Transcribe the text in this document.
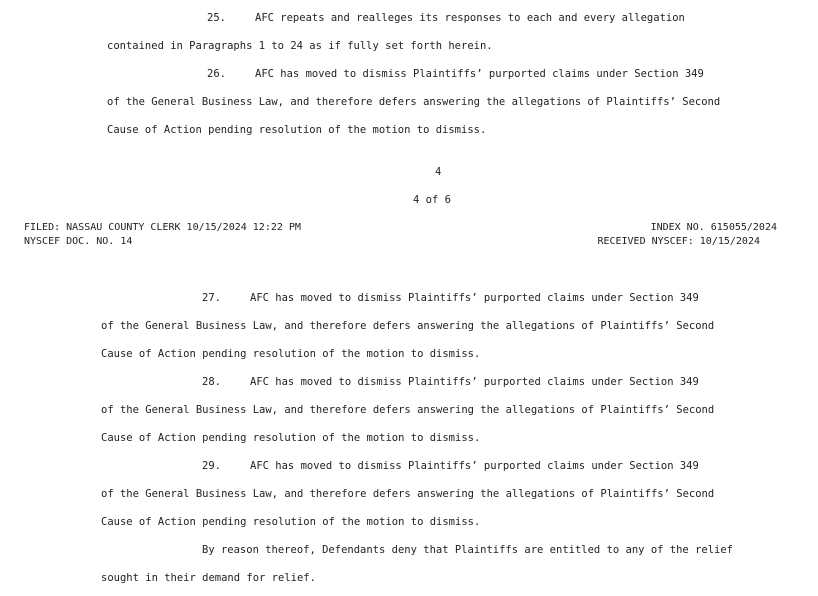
25.	AFC repeats and realleges its responses to each and every allegation
contained in Paragraphs 1 to 24 as if fully set forth herein.
26.	AFC has moved to dismiss Plaintiffs’ purported claims under Section 349
of the General Business Law, and therefore defers answering the allegations of Plaintiffs’ Second
Cause of Action pending resolution of the motion to dismiss.
4
4 of 6
FILED: NASSAU COUNTY CLERK 10/15/2024 12:22 PM
NYSCEF DOC. NO. 14
INDEX NO. 615055/2024
RECEIVED NYSCEF: 10/15/2024
27.	AFC has moved to dismiss Plaintiffs’ purported claims under Section 349
of the General Business Law, and therefore defers answering the allegations of Plaintiffs’ Second
Cause of Action pending resolution of the motion to dismiss.
28.	AFC has moved to dismiss Plaintiffs’ purported claims under Section 349
of the General Business Law, and therefore defers answering the allegations of Plaintiffs’ Second
Cause of Action pending resolution of the motion to dismiss.
29.	AFC has moved to dismiss Plaintiffs’ purported claims under Section 349
of the General Business Law, and therefore defers answering the allegations of Plaintiffs’ Second
Cause of Action pending resolution of the motion to dismiss.
By reason thereof, Defendants deny that Plaintiffs are entitled to any of the relief
sought in their demand for relief.
